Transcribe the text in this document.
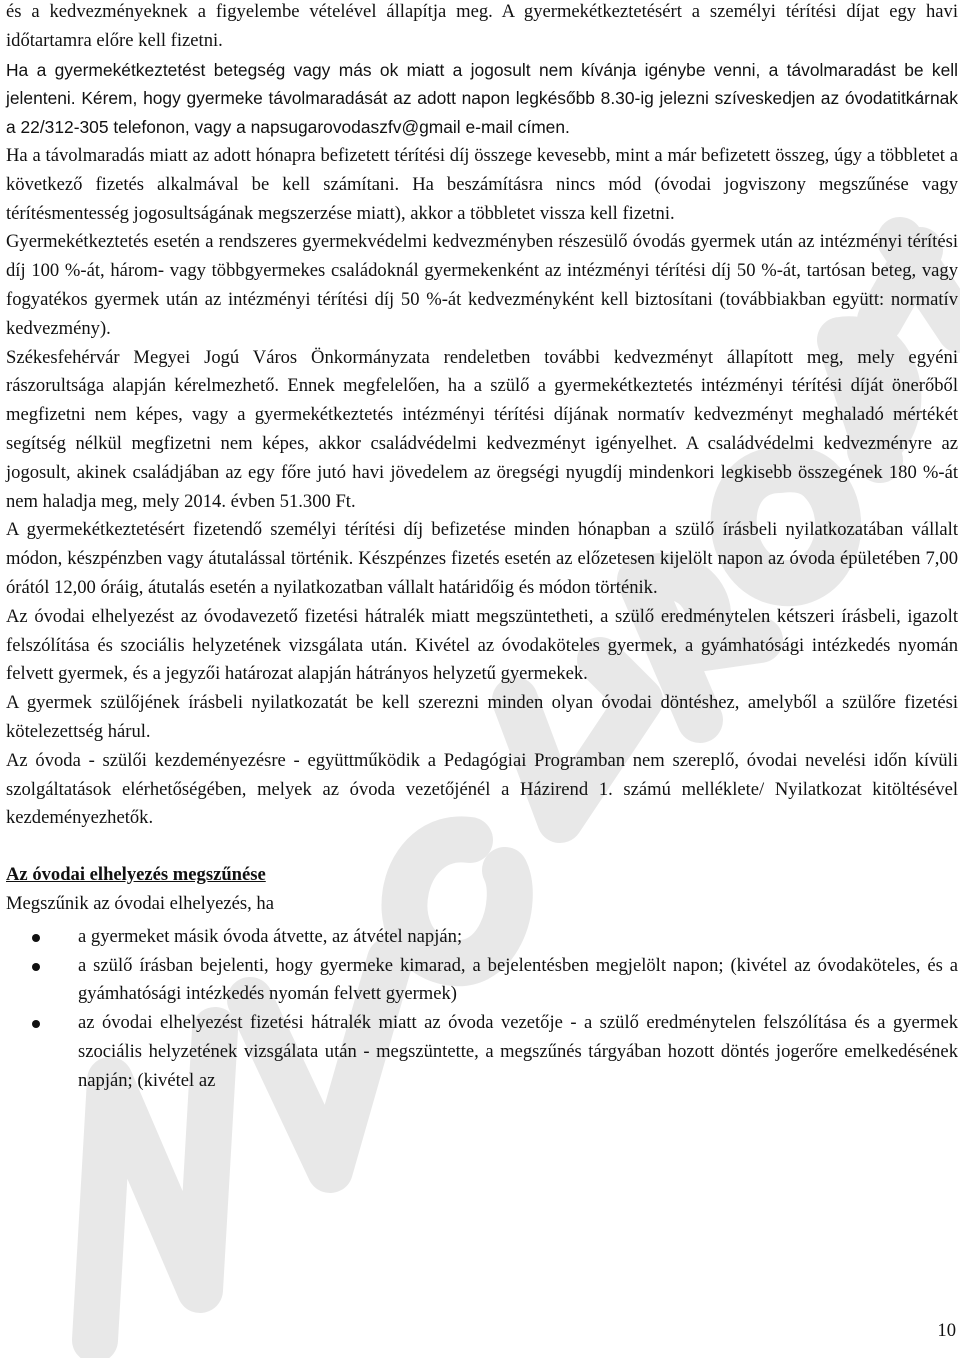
és a kedvezményeknek a figyelembe vételével állapítja meg. A gyermekétkeztetésért a személyi térítési díjat egy havi időtartamra előre kell fizetni.

Ha a gyermekétkeztetést betegség vagy más ok miatt a jogosult nem kívánja igénybe venni, a távolmaradást be kell jelenteni. Kérem, hogy gyermeke távolmaradását az adott napon legkésőbb 8.30-ig jelezni szíveskedjen az óvodatitkárnak a 22/312-305 telefonon, vagy a napsugarovodaszfv@gmail e-mail címen.

Ha a távolmaradás miatt az adott hónapra befizetett térítési díj összege kevesebb, mint a már befizetett összeg, úgy a többletet a következő fizetés alkalmával be kell számítani. Ha beszámításra nincs mód (óvodai jogviszony megszűnése vagy térítésmentesség jogosultságának megszerzése miatt), akkor a többletet vissza kell fizetni.

Gyermekétkeztetés esetén a rendszeres gyermekvédelmi kedvezményben részesülő óvodás gyermek után az intézményi térítési díj 100 %-át, három- vagy többgyermekes családoknál gyermekenként az intézményi térítési díj 50 %-át, tartósan beteg, vagy fogyatékos gyermek után az intézményi térítési díj 50 %-át kedvezményként kell biztosítani (továbbiakban együtt: normatív kedvezmény).

Székesfehérvár Megyei Jogú Város Önkormányzata rendeletben további kedvezményt állapított meg, mely egyéni rászorultsága alapján kérelmezhető. Ennek megfelelően, ha a szülő a gyermekétkeztetés intézményi térítési díját önerőből megfizetni nem képes, vagy a gyermekétkeztetés intézményi térítési díjának normatív kedvezményt meghaladó mértékét segítség nélkül megfizetni nem képes, akkor családvédelmi kedvezményt igényelhet. A családvédelmi kedvezményre az jogosult, akinek családjában az egy főre jutó havi jövedelem az öregségi nyugdíj mindenkori legkisebb összegének 180 %-át nem haladja meg, mely 2014. évben 51.300 Ft.

A gyermekétkeztetésért fizetendő személyi térítési díj befizetése minden hónapban a szülő írásbeli nyilatkozatában vállalt módon, készpénzben vagy átutalással történik. Készpénzes fizetés esetén az előzetesen kijelölt napon az óvoda épületében 7,00 órától 12,00 óráig, átutalás esetén a nyilatkozatban vállalt határidőig és módon történik.

Az óvodai elhelyezést az óvodavezető fizetési hátralék miatt megszüntetheti, a szülő eredménytelen kétszeri írásbeli, igazolt felszólítása és szociális helyzetének vizsgálata után. Kivétel az óvodaköteles gyermek, a gyámhatósági intézkedés nyomán felvett gyermek, és a jegyzői határozat alapján hátrányos helyzetű gyermekek.

A gyermek szülőjének írásbeli nyilatkozatát be kell szerezni minden olyan óvodai döntéshez, amelyből a szülőre fizetési kötelezettség hárul.

Az óvoda - szülői kezdeményezésre - együttműködik a Pedagógiai Programban nem szereplő, óvodai nevelési időn kívüli szolgáltatások elérhetőségében, melyek az óvoda vezetőjénél a Házirend 1. számú melléklete/ Nyilatkozat kitöltésével kezdeményezhetők.

Az óvodai elhelyezés megszűnése

Megszűnik az óvodai elhelyezés, ha

a gyermeket másik óvoda átvette, az átvétel napján;
a szülő írásban bejelenti, hogy gyermeke kimarad, a bejelentésben megjelölt napon; (kivétel az óvodaköteles, és a gyámhatósági intézkedés nyomán felvett gyermek)
az óvodai elhelyezést fizetési hátralék miatt az óvoda vezetője - a szülő eredménytelen felszólítása és a gyermek szociális helyzetének vizsgálata után - megszüntette, a megszűnés tárgyában hozott döntés jogerőre emelkedésének napján; (kivétel az
10
